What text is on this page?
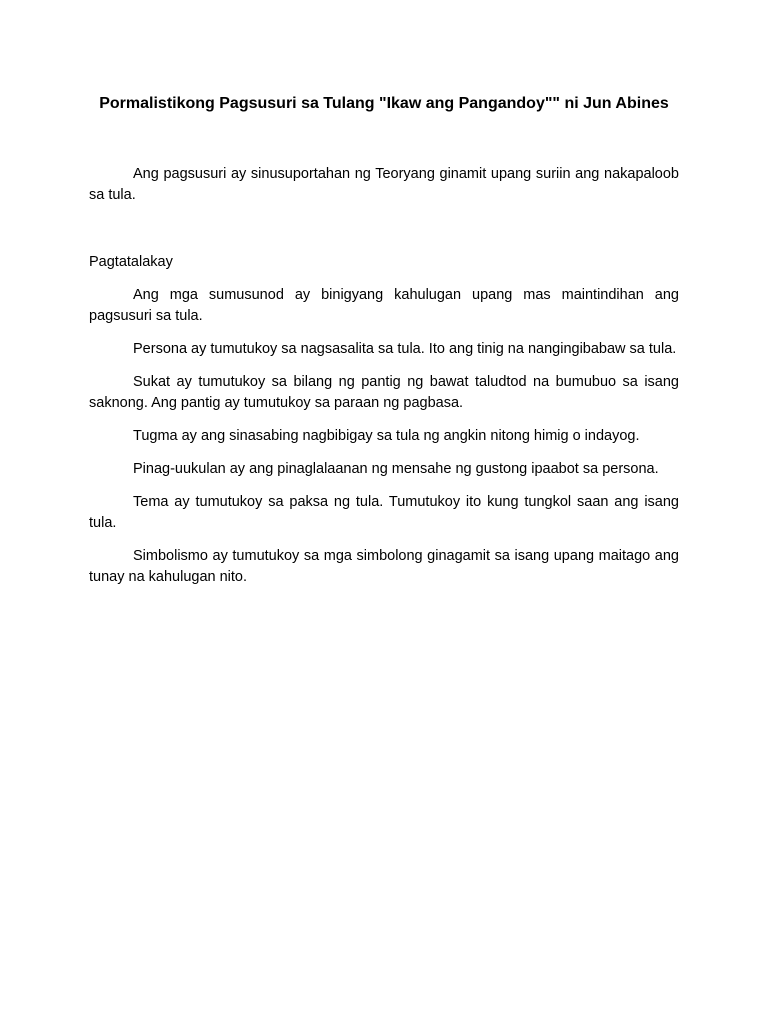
Pormalistikong Pagsusuri sa Tulang "Ikaw ang Pangandoy"" ni Jun Abines

Ang pagsusuri ay sinusuportahan ng Teoryang ginamit upang suriin ang nakapaloob sa tula.

Pagtatalakay

Ang mga sumusunod ay binigyang kahulugan upang mas maintindihan ang pagsusuri sa tula.

Persona ay tumutukoy sa nagsasalita sa tula. Ito ang tinig na nangingibabaw sa tula.

Sukat ay tumutukoy sa bilang ng pantig ng bawat taludtod na bumubuo sa isang saknong. Ang pantig ay tumutukoy sa paraan ng pagbasa.

Tugma ay ang sinasabing nagbibigay sa tula ng angkin nitong himig o indayog.

Pinag-uukulan ay ang pinaglalaanan ng mensahe ng gustong ipaabot sa persona.

Tema ay tumutukoy sa paksa ng tula. Tumutukoy ito kung tungkol saan ang isang tula.

Simbolismo ay tumutukoy sa mga simbolong ginagamit sa isang upang maitago ang tunay na kahulugan nito.
